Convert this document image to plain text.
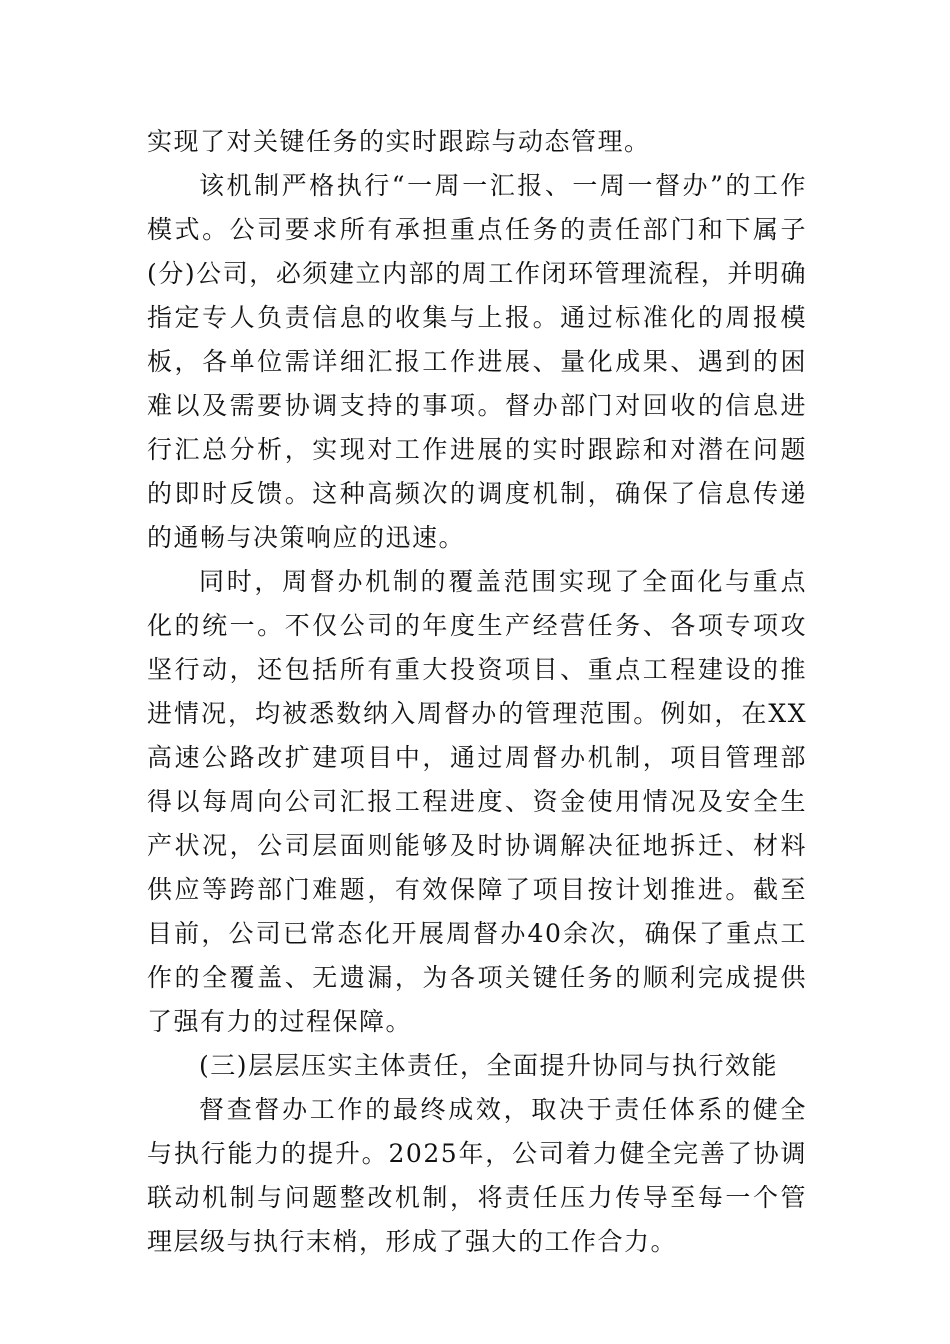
实现了对关键任务的实时跟踪与动态管理。

该机制严格执行“一周一汇报、一周一督办”的工作模式。公司要求所有承担重点任务的责任部门和下属子(分)公司，必须建立内部的周工作闭环管理流程，并明确指定专人负责信息的收集与上报。通过标准化的周报模板，各单位需详细汇报工作进展、量化成果、遇到的困难以及需要协调支持的事项。督办部门对回收的信息进行汇总分析，实现对工作进展的实时跟踪和对潜在问题的即时反馈。这种高频次的调度机制，确保了信息传递的通畅与决策响应的迅速。

同时，周督办机制的覆盖范围实现了全面化与重点化的统一。不仅公司的年度生产经营任务、各项专项攻坚行动，还包括所有重大投资项目、重点工程建设的推进情况，均被悉数纳入周督办的管理范围。例如，在XX高速公路改扩建项目中，通过周督办机制，项目管理部得以每周向公司汇报工程进度、资金使用情况及安全生产状况，公司层面则能够及时协调解决征地拆迁、材料供应等跨部门难题，有效保障了项目按计划推进。截至目前，公司已常态化开展周督办40余次，确保了重点工作的全覆盖、无遗漏，为各项关键任务的顺利完成提供了强有力的过程保障。

(三)层层压实主体责任，全面提升协同与执行效能

督查督办工作的最终成效，取决于责任体系的健全与执行能力的提升。2025年，公司着力健全完善了协调联动机制与问题整改机制，将责任压力传导至每一个管理层级与执行末梢，形成了强大的工作合力。
